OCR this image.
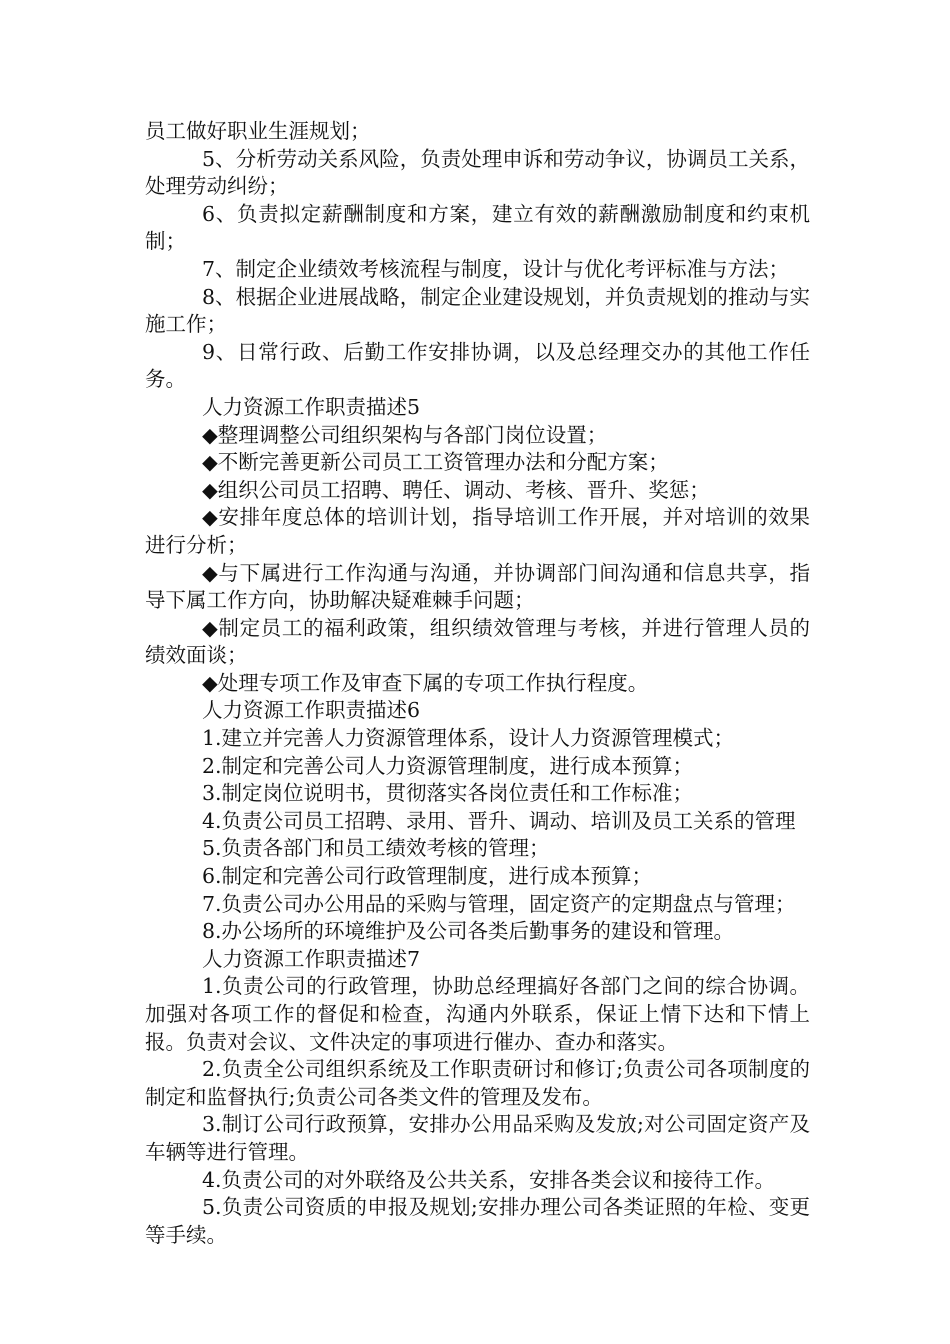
员工做好职业生涯规划；

5、分析劳动关系风险，负责处理申诉和劳动争议，协调员工关系，处理劳动纠纷；

6、负责拟定薪酬制度和方案，建立有效的薪酬激励制度和约束机制；

7、制定企业绩效考核流程与制度，设计与优化考评标准与方法；

8、根据企业进展战略，制定企业建设规划，并负责规划的推动与实施工作；

9、日常行政、后勤工作安排协调，以及总经理交办的其他工作任务。

人力资源工作职责描述5

◆整理调整公司组织架构与各部门岗位设置；

◆不断完善更新公司员工工资管理办法和分配方案；

◆组织公司员工招聘、聘任、调动、考核、晋升、奖惩；

◆安排年度总体的培训计划，指导培训工作开展，并对培训的效果进行分析；

◆与下属进行工作沟通与沟通，并协调部门间沟通和信息共享，指导下属工作方向，协助解决疑难棘手问题；

◆制定员工的福利政策，组织绩效管理与考核，并进行管理人员的绩效面谈；

◆处理专项工作及审查下属的专项工作执行程度。

人力资源工作职责描述6

1.建立并完善人力资源管理体系，设计人力资源管理模式；

2.制定和完善公司人力资源管理制度，进行成本预算；

3.制定岗位说明书，贯彻落实各岗位责任和工作标准；

4.负责公司员工招聘、录用、晋升、调动、培训及员工关系的管理

5.负责各部门和员工绩效考核的管理；

6.制定和完善公司行政管理制度，进行成本预算；

7.负责公司办公用品的采购与管理，固定资产的定期盘点与管理；

8.办公场所的环境维护及公司各类后勤事务的建设和管理。

人力资源工作职责描述7

1.负责公司的行政管理，协助总经理搞好各部门之间的综合协调。加强对各项工作的督促和检查，沟通内外联系，保证上情下达和下情上报。负责对会议、文件决定的事项进行催办、查办和落实。

2.负责全公司组织系统及工作职责研讨和修订;负责公司各项制度的制定和监督执行;负责公司各类文件的管理及发布。

3.制订公司行政预算，安排办公用品采购及发放;对公司固定资产及车辆等进行管理。

4.负责公司的对外联络及公共关系，安排各类会议和接待工作。

5.负责公司资质的申报及规划;安排办理公司各类证照的年检、变更等手续。
